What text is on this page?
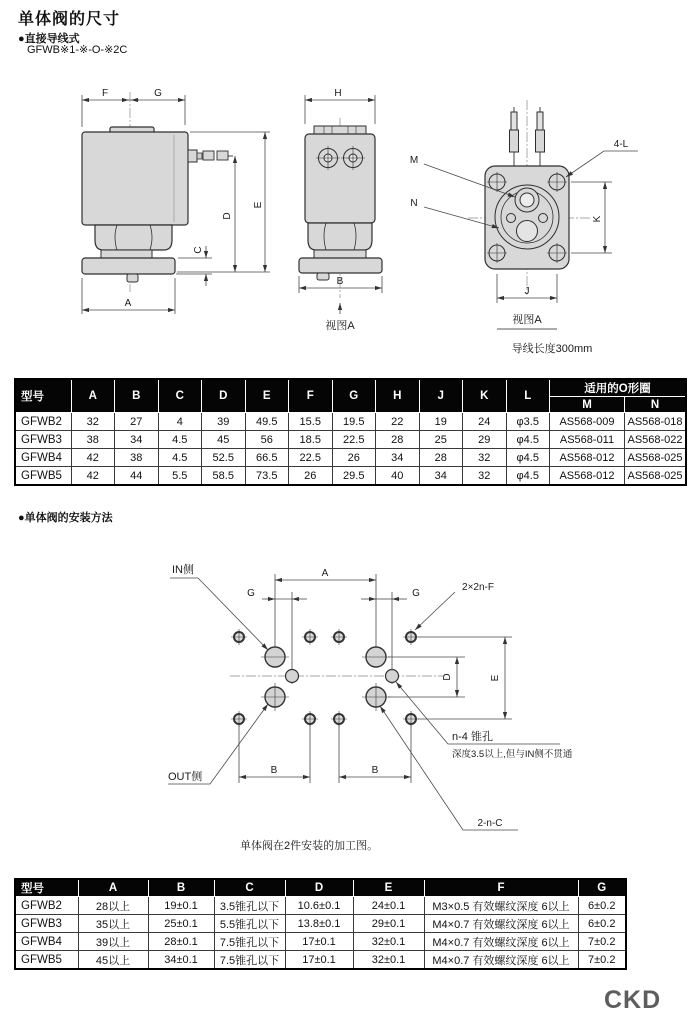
单体阀的尺寸
●直接导线式
GFWB※1-※-O-※2C
F	G
E
D
C
A
H
B
视图A
4-L
M
N
K
J
视图A
导线长度300mm
型号	A	B	C	D	E	F	G	H	J	K	L	适用的O形圈	
												M	N
GFWB2	32	27	4	39	49.5	15.5	19.5	22	19	24	φ3.5	AS568-009	AS568-018
GFWB3	38	34	4.5	45	56	18.5	22.5	28	25	29	φ4.5	AS568-011	AS568-022
GFWB4	42	38	4.5	52.5	66.5	22.5	26	34	28	32	φ4.5	AS568-012	AS568-025
GFWB5	42	44	5.5	58.5	73.5	26	29.5	40	34	32	φ4.5	AS568-012	AS568-025
●单体阀的安装方法
IN侧
OUT侧
A
G	G
2×2n-F
D	E
B	B
n-4 锥孔
深度3.5以上,但与IN侧不贯通
2-n-C
单体阀在2件安装的加工图。
型号	A	B	C	D	E	F	G
GFWB2	28以上	19±0.1	3.5锥孔以下	10.6±0.1	24±0.1	M3×0.5 有效螺纹深度 6以上	6±0.2
GFWB3	35以上	25±0.1	5.5锥孔以下	13.8±0.1	29±0.1	M4×0.7 有效螺纹深度 6以上	6±0.2
GFWB4	39以上	28±0.1	7.5锥孔以下	17±0.1	32±0.1	M4×0.7 有效螺纹深度 6以上	7±0.2
GFWB5	45以上	34±0.1	7.5锥孔以下	17±0.1	32±0.1	M4×0.7 有效螺纹深度 6以上	7±0.2
CKD
